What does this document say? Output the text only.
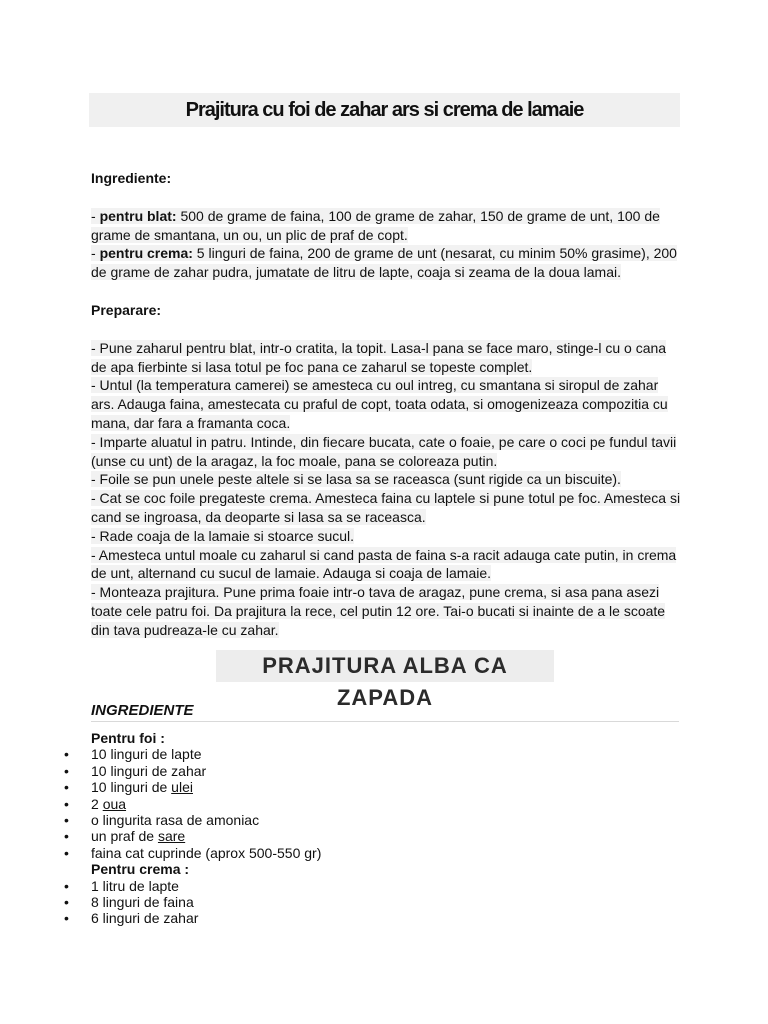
Prajitura cu foi de zahar ars si crema de lamaie

Ingrediente:

- pentru blat: 500 de grame de faina, 100 de grame de zahar, 150 de grame de unt, 100 de grame de smantana, un ou, un plic de praf de copt.

- pentru crema: 5 linguri de faina, 200 de grame de unt (nesarat, cu minim 50% grasime), 200 de grame de zahar pudra, jumatate de litru de lapte, coaja si zeama de la doua lamai.

Preparare:

- Pune zaharul pentru blat, intr-o cratita, la topit. Lasa-l pana se face maro, stinge-l cu o cana de apa fierbinte si lasa totul pe foc pana ce zaharul se topeste complet.

- Untul (la temperatura camerei) se amesteca cu oul intreg, cu smantana si siropul de zahar ars. Adauga faina, amestecata cu praful de copt, toata odata, si omogenizeaza compozitia cu mana, dar fara a framanta coca.

- Imparte aluatul in patru. Intinde, din fiecare bucata, cate o foaie, pe care o coci pe fundul tavii (unse cu unt) de la aragaz, la foc moale, pana se coloreaza putin.

- Foile se pun unele peste altele si se lasa sa se raceasca (sunt rigide ca un biscuite).

- Cat se coc foile pregateste crema. Amesteca faina cu laptele si pune totul pe foc. Amesteca si cand se ingroasa, da deoparte si lasa sa se raceasca.

- Rade coaja de la lamaie si stoarce sucul.

- Amesteca untul moale cu zaharul si cand pasta de faina s-a racit adauga cate putin, in crema de unt, alternand cu sucul de lamaie. Adauga si coaja de lamaie.

- Monteaza prajitura. Pune prima foaie intr-o tava de aragaz, pune crema, si asa pana asezi toate cele patru foi. Da prajitura la rece, cel putin 12 ore. Tai-o bucati si inainte de a le scoate din tava pudreaza-le cu zahar.

PRAJITURA ALBA CA ZAPADA
INGREDIENTE
Pentru foi :
• 10 linguri de lapte
• 10 linguri de zahar
• 10 linguri de ulei
• 2 oua
• o lingurita rasa de amoniac
• un praf de sare
• faina cat cuprinde (aprox 500-550 gr)
Pentru crema :
• 1 litru de lapte
• 8 linguri de faina
• 6 linguri de zahar
